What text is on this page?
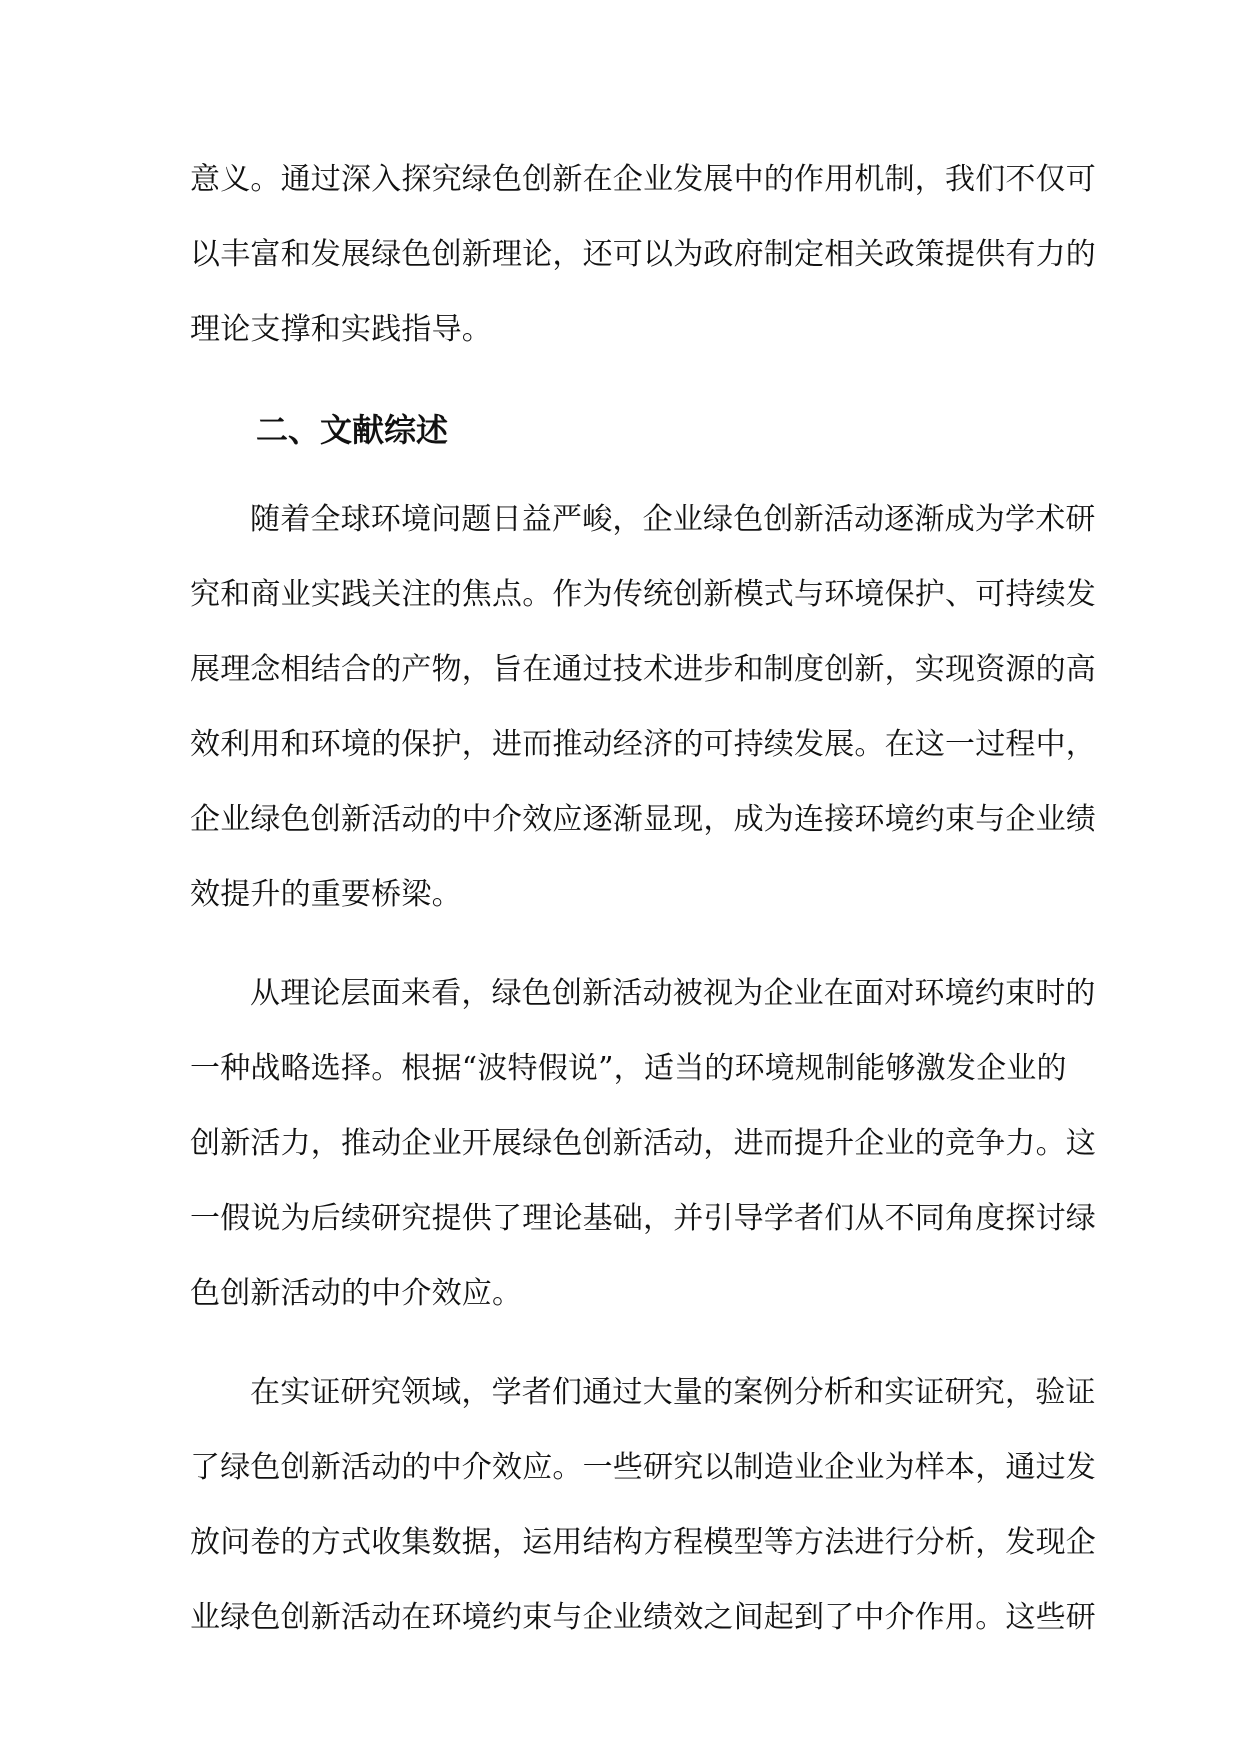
意义。通过深入探究绿色创新在企业发展中的作用机制，我们不仅可
以丰富和发展绿色创新理论，还可以为政府制定相关政策提供有力的
理论支撑和实践指导。
二、文献综述
随着全球环境问题日益严峻，企业绿色创新活动逐渐成为学术研
究和商业实践关注的焦点。作为传统创新模式与环境保护、可持续发
展理念相结合的产物，旨在通过技术进步和制度创新，实现资源的高
效利用和环境的保护，进而推动经济的可持续发展。在这一过程中，
企业绿色创新活动的中介效应逐渐显现，成为连接环境约束与企业绩
效提升的重要桥梁。
从理论层面来看，绿色创新活动被视为企业在面对环境约束时的
一种战略选择。根据“波特假说”，适当的环境规制能够激发企业的
创新活力，推动企业开展绿色创新活动，进而提升企业的竞争力。这
一假说为后续研究提供了理论基础，并引导学者们从不同角度探讨绿
色创新活动的中介效应。
在实证研究领域，学者们通过大量的案例分析和实证研究，验证
了绿色创新活动的中介效应。一些研究以制造业企业为样本，通过发
放问卷的方式收集数据，运用结构方程模型等方法进行分析，发现企
业绿色创新活动在环境约束与企业绩效之间起到了中介作用。这些研
